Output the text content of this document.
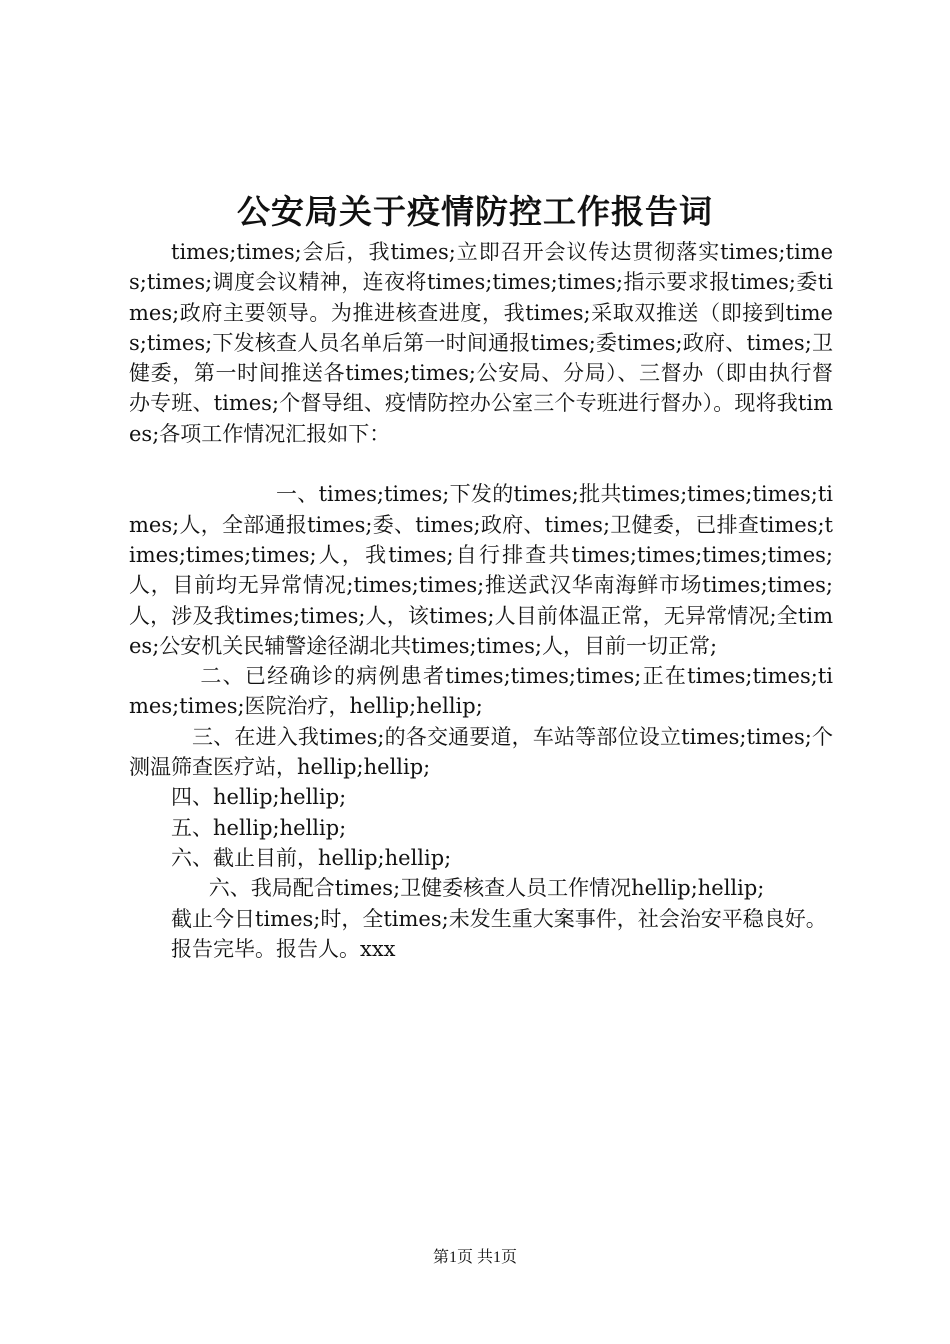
公安局关于疫情防控工作报告词

times;times;会后，我times;立即召开会议传达贯彻落实times;times;times;调度会议精神，连夜将times;times;times;指示要求报times;委times;政府主要领导。为推进核查进度，我times;采取双推送（即接到times;times;下发核查人员名单后第一时间通报times;委times;政府、times;卫健委，第一时间推送各times;times;公安局、分局）、三督办（即由执行督办专班、times;个督导组、疫情防控办公室三个专班进行督办）。现将我times;各项工作情况汇报如下：

一、times;times;下发的times;批共times;times;times;times;人，全部通报times;委、times;政府、times;卫健委，已排查times;times;times;times;人，我times;自行排查共times;times;times;times;人，目前均无异常情况;times;times;推送武汉华南海鲜市场times;times;人，涉及我times;times;人，该times;人目前体温正常，无异常情况;全times;公安机关民辅警途径湖北共times;times;人，目前一切正常;

二、已经确诊的病例患者times;times;times;正在times;times;times;times;医院治疗，hellip;hellip;

三、在进入我times;的各交通要道，车站等部位设立times;times;个测温筛查医疗站，hellip;hellip;

四、hellip;hellip;

五、hellip;hellip;

六、截止目前，hellip;hellip;

六、我局配合times;卫健委核查人员工作情况hellip;hellip;

截止今日times;时，全times;未发生重大案事件，社会治安平稳良好。

报告完毕。报告人。xxx

第1页 共1页
